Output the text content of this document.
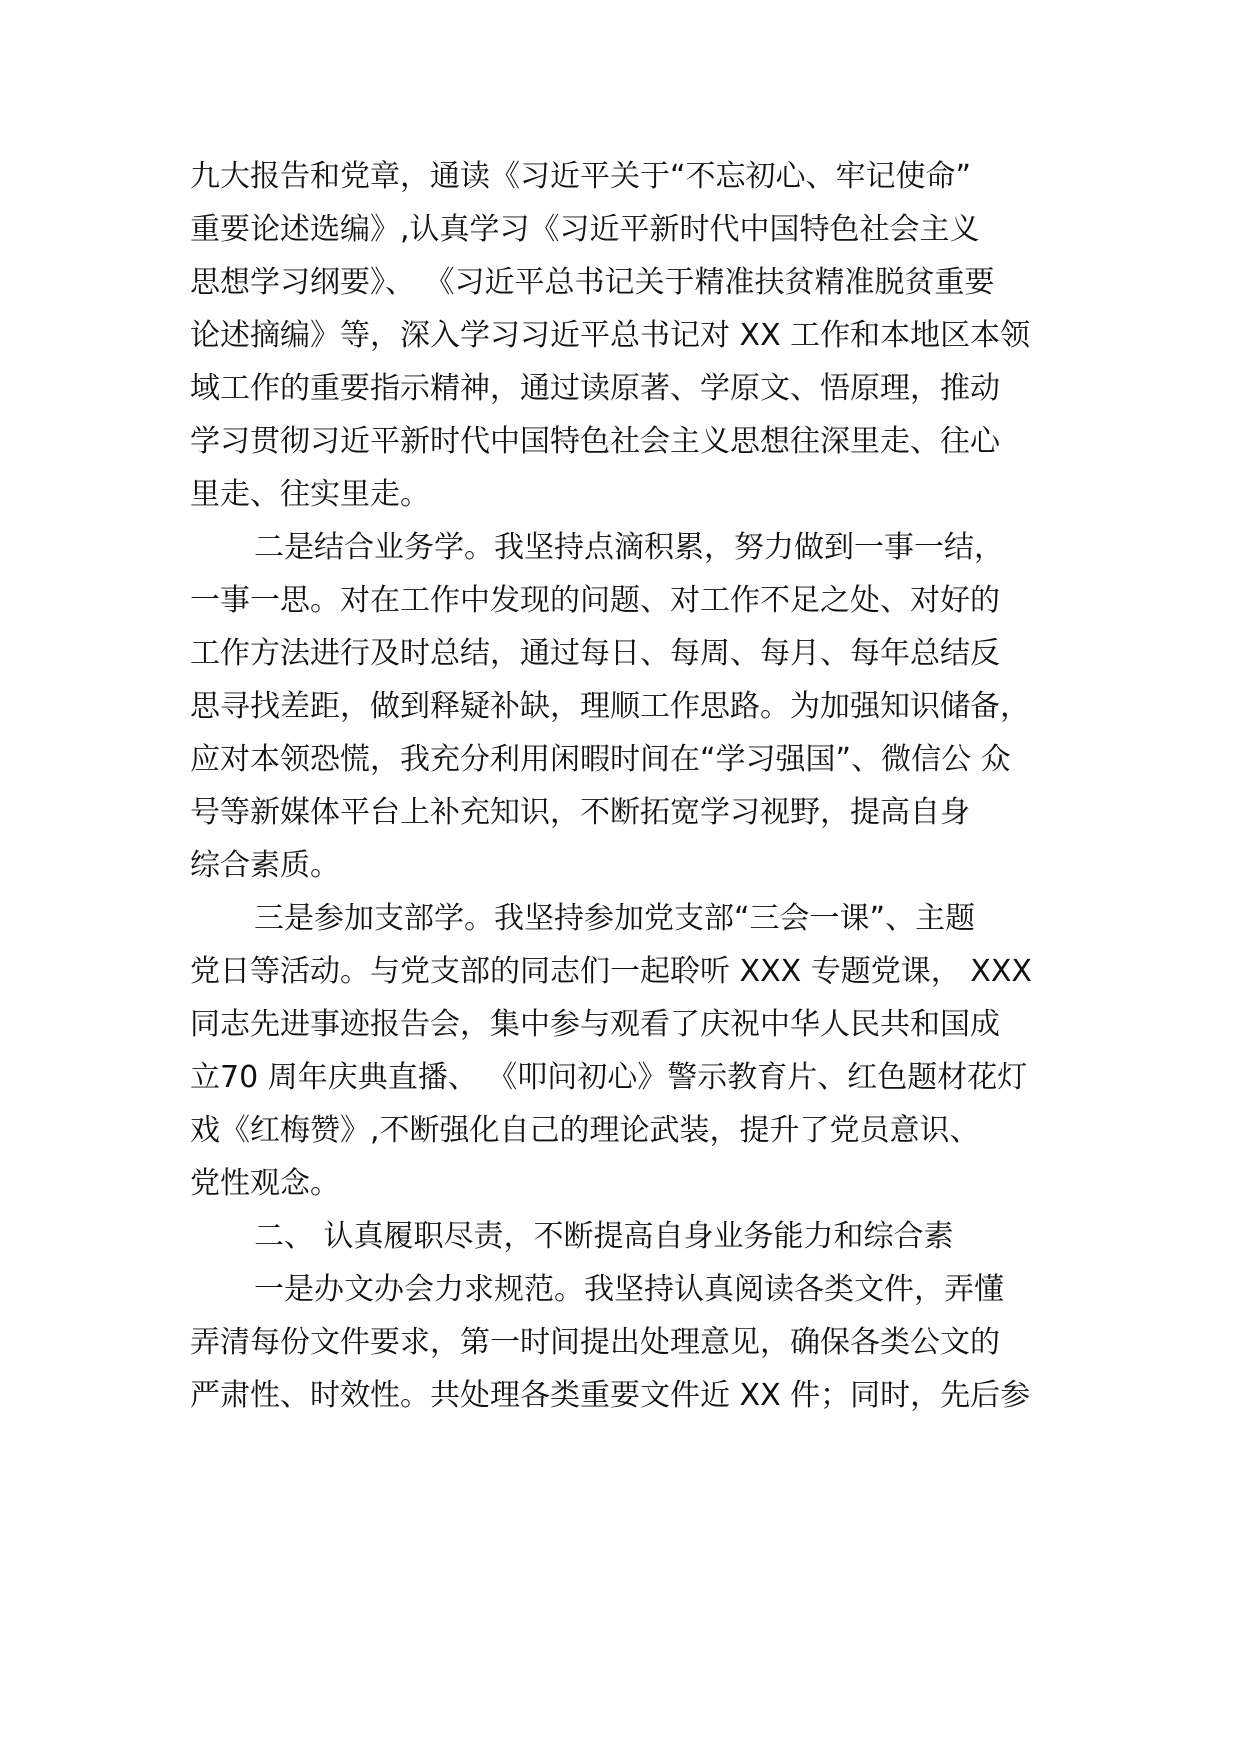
九大报告和党章，通读《习近平关于“不忘初心、牢记使命”
重要论述选编》,认真学习《习近平新时代中国特色社会主义
思想学习纲要》、 《习近平总书记关于精准扶贫精准脱贫重要
论述摘编》等，深入学习习近平总书记对 XX 工作和本地区本领
域工作的重要指示精神，通过读原著、学原文、悟原理，推动
学习贯彻习近平新时代中国特色社会主义思想往深里走、往心
里走、往实里走。
二是结合业务学。我坚持点滴积累，努力做到一事一结，
一事一思。对在工作中发现的问题、对工作不足之处、对好的
工作方法进行及时总结，通过每日、每周、每月、每年总结反
思寻找差距，做到释疑补缺，理顺工作思路。为加强知识储备，
应对本领恐慌，我充分利用闲暇时间在“学习强国”、微信公 众
号等新媒体平台上补充知识，不断拓宽学习视野，提高自身
综合素质。
三是参加支部学。我坚持参加党支部“三会一课”、主题
党日等活动。与党支部的同志们一起聆听 XXX 专题党课， XXX
同志先进事迹报告会，集中参与观看了庆祝中华人民共和国成
立70 周年庆典直播、 《叩问初心》警示教育片、红色题材花灯
戏《红梅赞》,不断强化自己的理论武装，提升了党员意识、
党性观念。
二、 认真履职尽责，不断提高自身业务能力和综合素
一是办文办会力求规范。我坚持认真阅读各类文件，弄懂
弄清每份文件要求，第一时间提出处理意见，确保各类公文的
严肃性、时效性。共处理各类重要文件近 XX 件；同时，先后参
